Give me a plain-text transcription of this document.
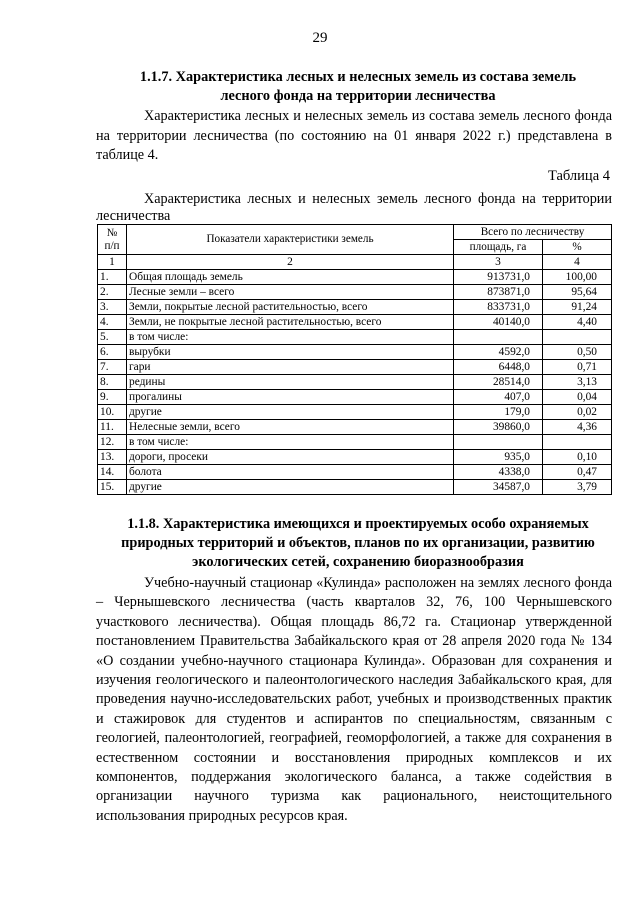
29
1.1.7. Характеристика лесных и нелесных земель из состава земель
лесного фонда на территории лесничества
Характеристика лесных и нелесных земель из состава земель лесного фонда на территории лесничества (по состоянию на 01 января 2022 г.) представлена в таблице 4.
Таблица 4
Характеристика лесных и нелесных земель лесного фонда на территории лесничества
№
п/п	Показатели характеристики земель	Всего по лесничеству	
		площадь, га	%
1	2	3	4
1.	Общая площадь земель	913731,0	100,00
2.	Лесные земли – всего	873871,0	95,64
3.	Земли, покрытые лесной растительностью, всего	833731,0	91,24
4.	Земли, не покрытые лесной растительностью, всего	40140,0	4,40
5.	в том числе:		
6.	вырубки	4592,0	0,50
7.	гари	6448,0	0,71
8.	редины	28514,0	3,13
9.	прогалины	407,0	0,04
10.	другие	179,0	0,02
11.	Нелесные земли, всего	39860,0	4,36
12.	в том числе:		
13.	дороги, просеки	935,0	0,10
14.	болота	4338,0	0,47
15.	другие	34587,0	3,79
1.1.8. Характеристика имеющихся и проектируемых особо охраняемых
природных территорий и объектов, планов по их организации, развитию
экологических сетей, сохранению биоразнообразия
Учебно-научный стационар «Кулинда» расположен на землях лесного фонда – Чернышевского лесничества (часть кварталов 32, 76, 100 Чернышевского участкового лесничества). Общая площадь 86,72 га. Стационар утвержденной постановлением Правительства Забайкальского края от 28 апреля 2020 года № 134 «О создании учебно-научного стационара Кулинда». Образован для сохранения и изучения геологического и палеонтологического наследия Забайкальского края, для проведения научно-исследовательских работ, учебных и производственных практик и стажировок для студентов и аспирантов по специальностям, связанным с геологией, палеонтологией, географией, геоморфологией, а также для сохранения в естественном состоянии и восстановления природных комплексов и их компонентов, поддержания экологического баланса, а также содействия в организации научного туризма как рационального, неистощительного использования природных ресурсов края.
